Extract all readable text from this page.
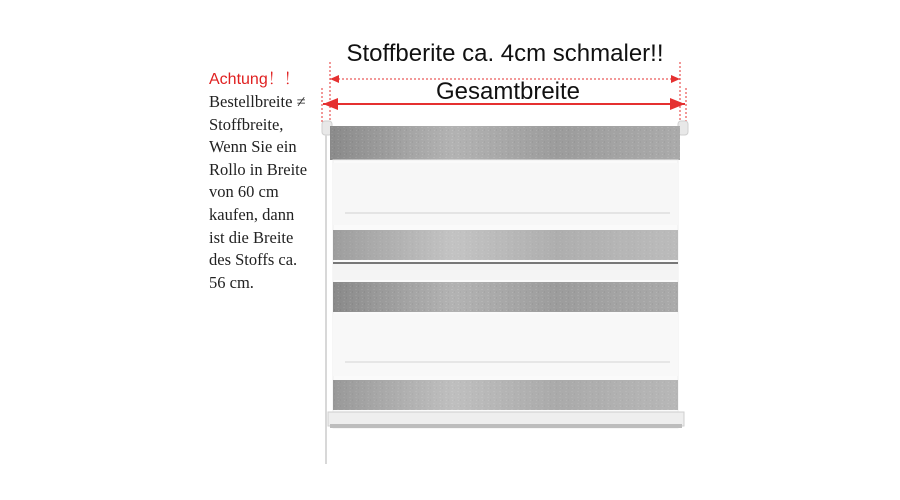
Achtung！！
Bestellbreite ≠
Stoffbreite,
Wenn Sie ein
Rollo in Breite
von 60 cm
kaufen, dann
ist die Breite
des Stoffs ca.
56 cm.
Stoffberite ca. 4cm schmaler!!
Gesamtbreite
